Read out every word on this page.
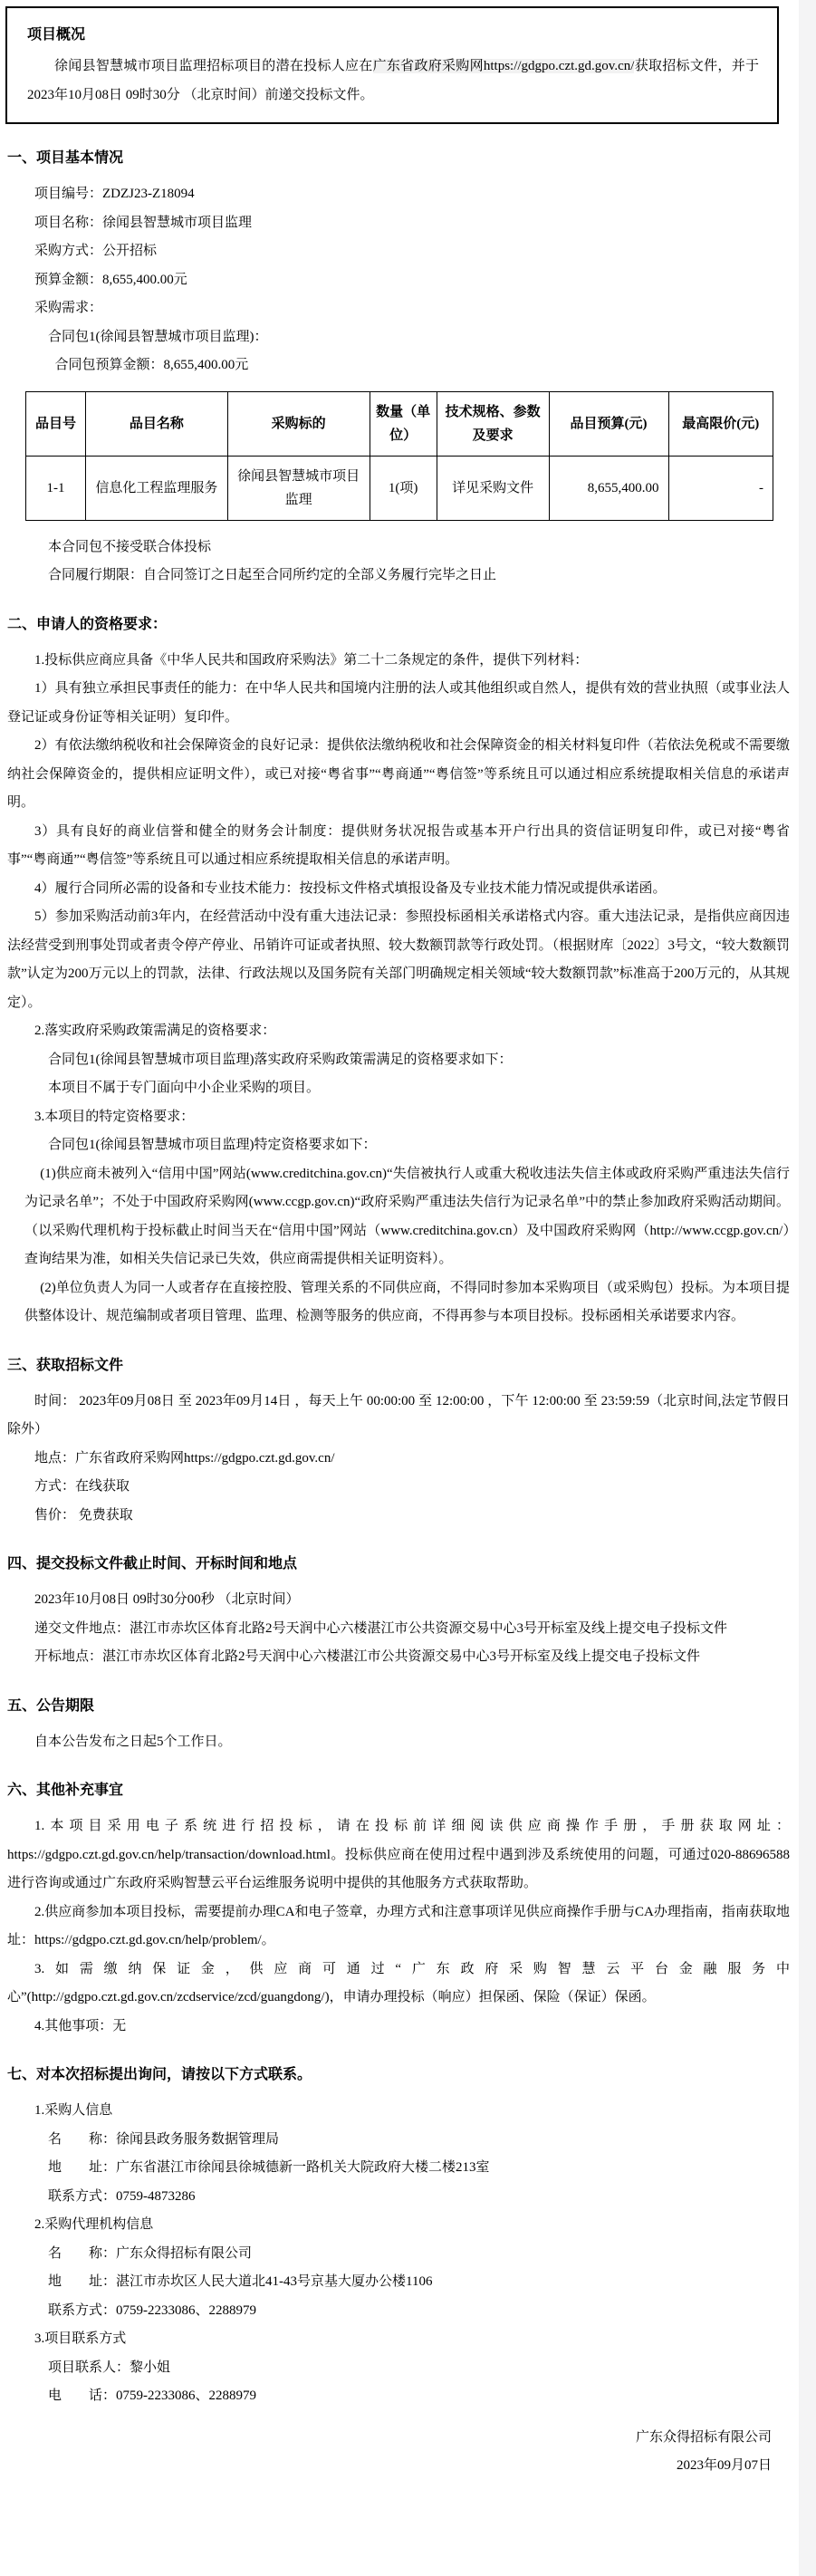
项目概况

徐闻县智慧城市项目监理招标项目的潜在投标人应在广东省政府采购网https://gdgpo.czt.gd.gov.cn/获取招标文件，并于 2023年10月08日 09时30分 （北京时间）前递交投标文件。

一、项目基本情况

项目编号：ZDZJ23-Z18094

项目名称：徐闻县智慧城市项目监理

采购方式：公开招标

预算金额：8,655,400.00元

采购需求：

合同包1(徐闻县智慧城市项目监理)：

合同包预算金额：8,655,400.00元

品目号	品目名称	采购标的	数量（单位）	技术规格、参数及要求	品目预算(元)	最高限价(元)
1-1	信息化工程监理服务	徐闻县智慧城市项目监理	1(项)	详见采购文件	8,655,400.00	-

本合同包不接受联合体投标

合同履行期限：自合同签订之日起至合同所约定的全部义务履行完毕之日止

二、申请人的资格要求：

1.投标供应商应具备《中华人民共和国政府采购法》第二十二条规定的条件，提供下列材料：

1）具有独立承担民事责任的能力：在中华人民共和国境内注册的法人或其他组织或自然人，提供有效的营业执照（或事业法人登记证或身份证等相关证明）复印件。

2）有依法缴纳税收和社会保障资金的良好记录：提供依法缴纳税收和社会保障资金的相关材料复印件（若依法免税或不需要缴纳社会保障资金的，提供相应证明文件），或已对接“粤省事”“粤商通”“粤信签”等系统且可以通过相应系统提取相关信息的承诺声明。

3）具有良好的商业信誉和健全的财务会计制度：提供财务状况报告或基本开户行出具的资信证明复印件，或已对接“粤省事”“粤商通”“粤信签”等系统且可以通过相应系统提取相关信息的承诺声明。

4）履行合同所必需的设备和专业技术能力：按投标文件格式填报设备及专业技术能力情况或提供承诺函。

5）参加采购活动前3年内，在经营活动中没有重大违法记录：参照投标函相关承诺格式内容。重大违法记录，是指供应商因违法经营受到刑事处罚或者责令停产停业、吊销许可证或者执照、较大数额罚款等行政处罚。（根据财库〔2022〕3号文，“较大数额罚款”认定为200万元以上的罚款，法律、行政法规以及国务院有关部门明确规定相关领域“较大数额罚款”标准高于200万元的，从其规定）。

2.落实政府采购政策需满足的资格要求：

合同包1(徐闻县智慧城市项目监理)落实政府采购政策需满足的资格要求如下：

本项目不属于专门面向中小企业采购的项目。

3.本项目的特定资格要求：

合同包1(徐闻县智慧城市项目监理)特定资格要求如下：

(1)供应商未被列入“信用中国”网站(www.creditchina.gov.cn)“失信被执行人或重大税收违法失信主体或政府采购严重违法失信行为记录名单”；不处于中国政府采购网(www.ccgp.gov.cn)“政府采购严重违法失信行为记录名单”中的禁止参加政府采购活动期间。（以采购代理机构于投标截止时间当天在“信用中国”网站（www.creditchina.gov.cn）及中国政府采购网（http://www.ccgp.gov.cn/）查询结果为准，如相关失信记录已失效，供应商需提供相关证明资料）。

(2)单位负责人为同一人或者存在直接控股、管理关系的不同供应商，不得同时参加本采购项目（或采购包）投标。为本项目提供整体设计、规范编制或者项目管理、监理、检测等服务的供应商，不得再参与本项目投标。投标函相关承诺要求内容。

三、获取招标文件

时间： 2023年09月08日 至 2023年09月14日 ，每天上午 00:00:00 至 12:00:00 ，下午 12:00:00 至 23:59:59（北京时间,法定节假日除外）

地点：广东省政府采购网https://gdgpo.czt.gd.gov.cn/

方式：在线获取

售价： 免费获取

四、提交投标文件截止时间、开标时间和地点

2023年10月08日 09时30分00秒 （北京时间）

递交文件地点：湛江市赤坎区体育北路2号天润中心六楼湛江市公共资源交易中心3号开标室及线上提交电子投标文件

开标地点：湛江市赤坎区体育北路2号天润中心六楼湛江市公共资源交易中心3号开标室及线上提交电子投标文件

五、公告期限

自本公告发布之日起5个工作日。

六、其他补充事宜

1.本项目采用电子系统进行招投标，请在投标前详细阅读供应商操作手册，手册获取网址：https://gdgpo.czt.gd.gov.cn/help/transaction/download.html。投标供应商在使用过程中遇到涉及系统使用的问题，可通过020-88696588 进行咨询或通过广东政府采购智慧云平台运维服务说明中提供的其他服务方式获取帮助。

2.供应商参加本项目投标，需要提前办理CA和电子签章，办理方式和注意事项详见供应商操作手册与CA办理指南，指南获取地址：https://gdgpo.czt.gd.gov.cn/help/problem/。

3.如需缴纳保证金，供应商可通过“广东政府采购智慧云平台金融服务中心”(http://gdgpo.czt.gd.gov.cn/zcdservice/zcd/guangdong/)，申请办理投标（响应）担保函、保险（保证）保函。

4.其他事项：无

七、对本次招标提出询问，请按以下方式联系。

1.采购人信息

名　　称：徐闻县政务服务数据管理局

地　　址：广东省湛江市徐闻县徐城德新一路机关大院政府大楼二楼213室

联系方式：0759-4873286

2.采购代理机构信息

名　　称：广东众得招标有限公司

地　　址：湛江市赤坎区人民大道北41-43号京基大厦办公楼1106

联系方式：0759-2233086、2288979

3.项目联系方式

项目联系人：黎小姐

电　　话：0759-2233086、2288979

广东众得招标有限公司

2023年09月07日
